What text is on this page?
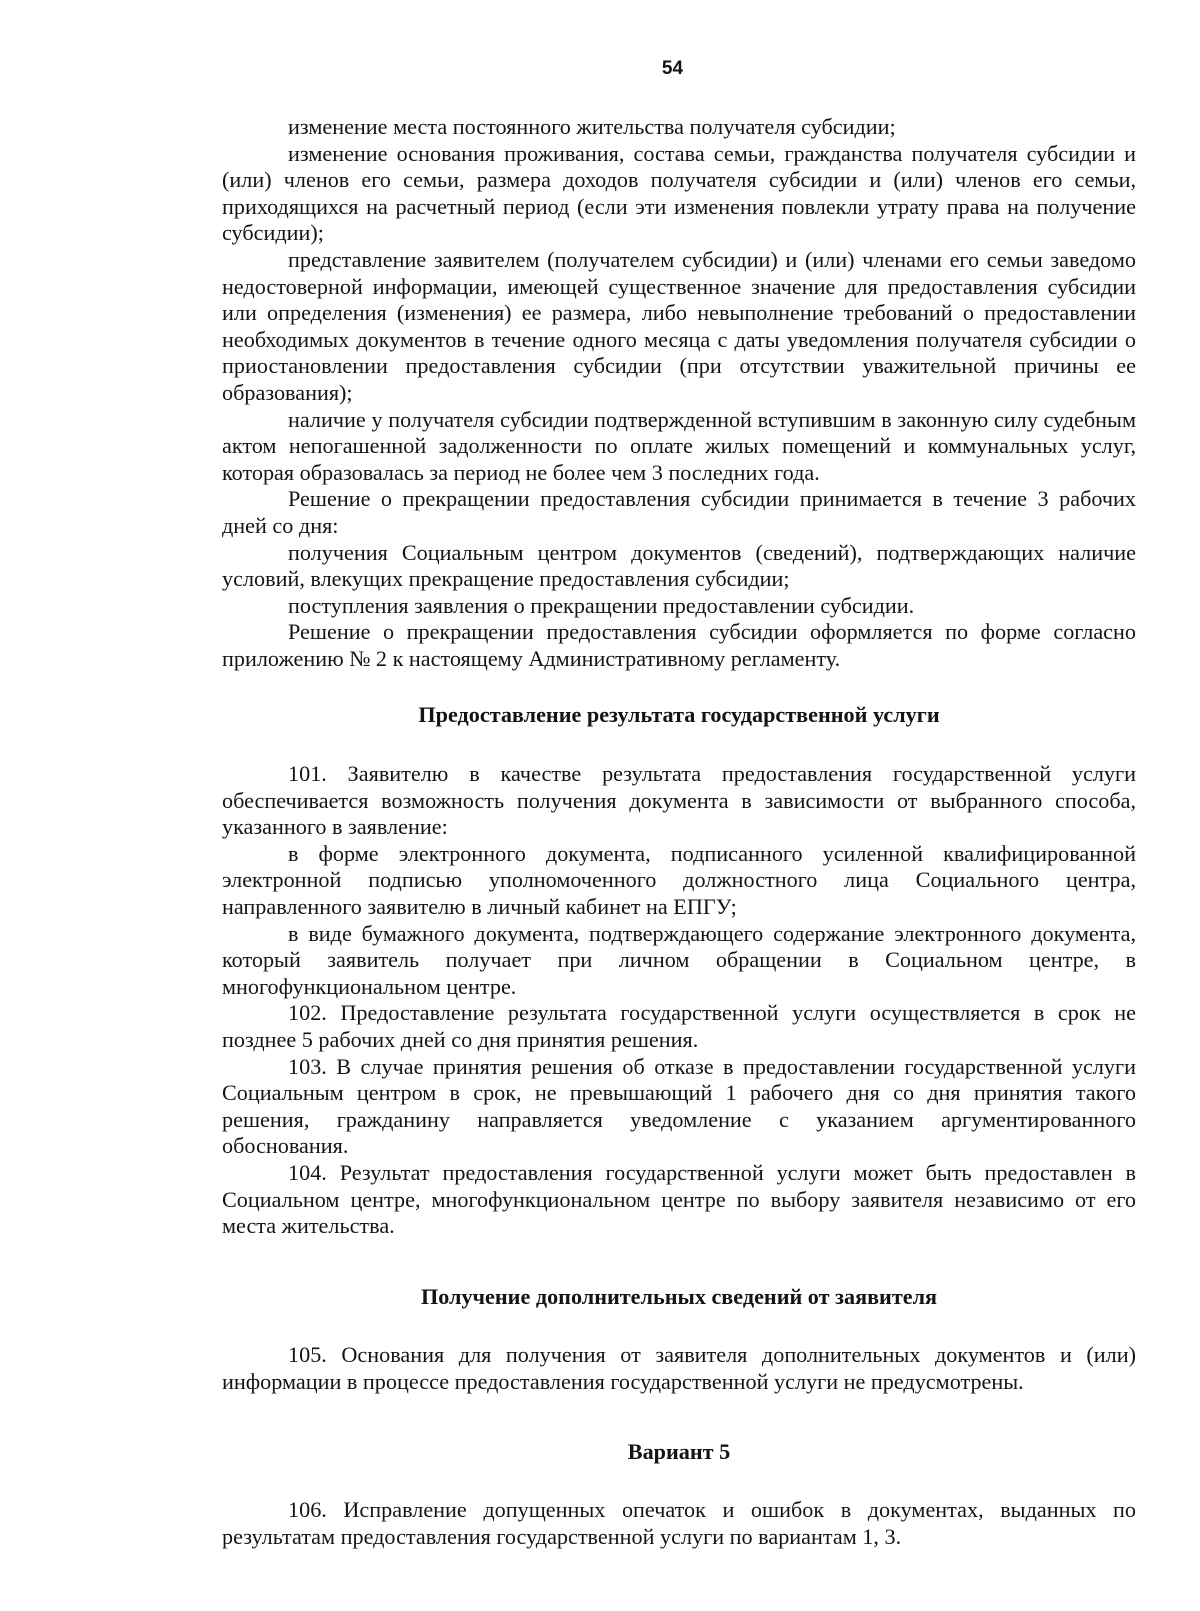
54

изменение места постоянного жительства получателя субсидии;

изменение основания проживания, состава семьи, гражданства получателя субсидии и (или) членов его семьи, размера доходов получателя субсидии и (или) членов его семьи, приходящихся на расчетный период (если эти изменения повлекли утрату права на получение субсидии);

представление заявителем (получателем субсидии) и (или) членами его семьи заведомо недостоверной информации, имеющей существенное значение для предоставления субсидии или определения (изменения) ее размера, либо невыполнение требований о предоставлении необходимых документов в течение одного месяца с даты уведомления получателя субсидии о приостановлении предоставления субсидии (при отсутствии уважительной причины ее образования);

наличие у получателя субсидии подтвержденной вступившим в законную силу судебным актом непогашенной задолженности по оплате жилых помещений и коммунальных услуг, которая образовалась за период не более чем 3 последних года.

Решение о прекращении предоставления субсидии принимается в течение 3 рабочих дней со дня:

получения Социальным центром документов (сведений), подтверждающих наличие условий, влекущих прекращение предоставления субсидии;

поступления заявления о прекращении предоставлении субсидии.

Решение о прекращении предоставления субсидии оформляется по форме согласно приложению № 2 к настоящему Административному регламенту.

Предоставление результата государственной услуги

101. Заявителю в качестве результата предоставления государственной услуги обеспечивается возможность получения документа в зависимости от выбранного способа, указанного в заявление:

в форме электронного документа, подписанного усиленной квалифицированной электронной подписью уполномоченного должностного лица Социального центра, направленного заявителю в личный кабинет на ЕПГУ;

в виде бумажного документа, подтверждающего содержание электронного документа, который заявитель получает при личном обращении в Социальном центре, в многофункциональном центре.

102. Предоставление результата государственной услуги осуществляется в срок не позднее 5 рабочих дней со дня принятия решения.

103. В случае принятия решения об отказе в предоставлении государственной услуги Социальным центром в срок, не превышающий 1 рабочего дня со дня принятия такого решения, гражданину направляется уведомление с указанием аргументированного обоснования.

104. Результат предоставления государственной услуги может быть предоставлен в Социальном центре, многофункциональном центре по выбору заявителя независимо от его места жительства.

Получение дополнительных сведений от заявителя

105. Основания для получения от заявителя дополнительных документов и (или) информации в процессе предоставления государственной услуги не предусмотрены.

Вариант 5

106. Исправление допущенных опечаток и ошибок в документах, выданных по результатам предоставления государственной услуги по вариантам 1, 3.
